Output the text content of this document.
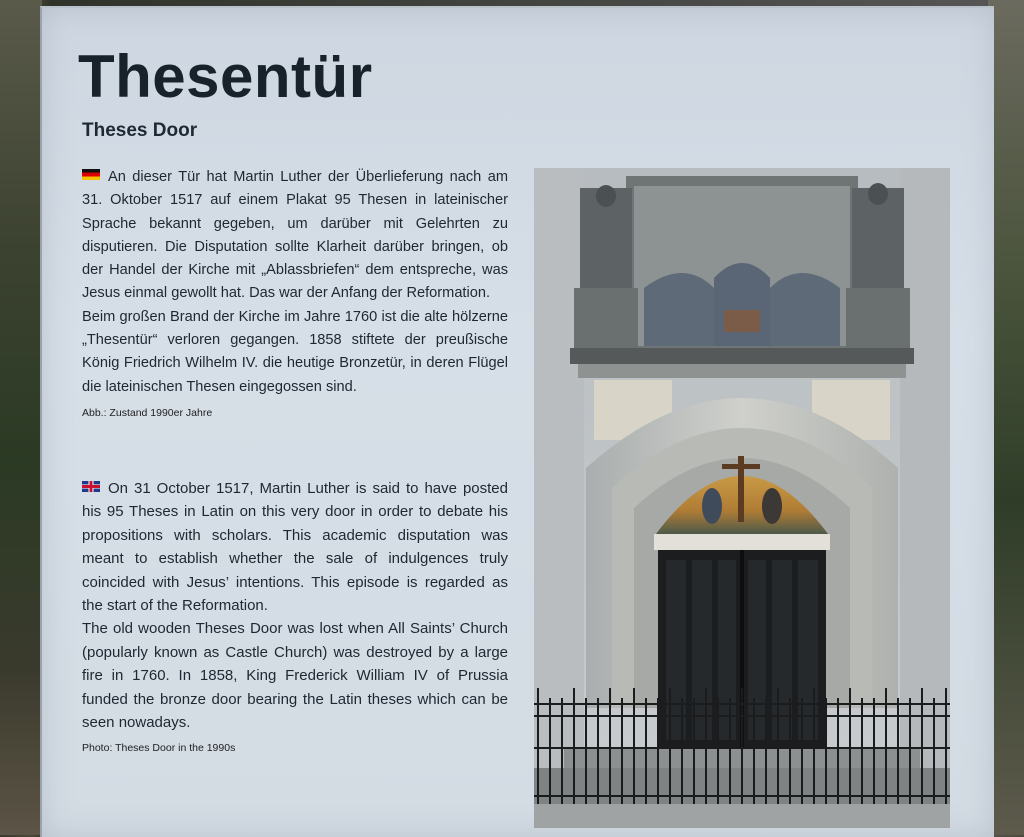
Thesentür
Theses Door

An dieser Tür hat Martin Luther der Überlieferung nach am 31. Oktober 1517 auf einem Plakat 95 Thesen in lateinischer Sprache bekannt gegeben, um darüber mit Gelehrten zu disputieren. Die Disputation sollte Klarheit darüber bringen, ob der Handel der Kirche mit „Ablassbriefen“ dem entspreche, was Jesus einmal gewollt hat. Das war der Anfang der Reformation.

Beim großen Brand der Kirche im Jahre 1760 ist die alte hölzerne „Thesentür“ verloren gegangen. 1858 stiftete der preußische König Friedrich Wilhelm IV. die heutige Bronzetür, in deren Flügel die lateinischen Thesen eingegossen sind.

Abb.: Zustand 1990er Jahre

On 31 October 1517, Martin Luther is said to have posted his 95 Theses in Latin on this very door in order to debate his propositions with scholars. This academic disputation was meant to establish whether the sale of indulgences truly coincided with Jesus’ intentions. This episode is regarded as the start of the Reformation.

The old wooden Theses Door was lost when All Saints’ Church (popularly known as Castle Church) was destroyed by a large fire in 1760. In 1858, King Frederick William IV of Prussia funded the bronze door bearing the Latin theses which can be seen nowadays.

Photo: Theses Door in the 1990s
